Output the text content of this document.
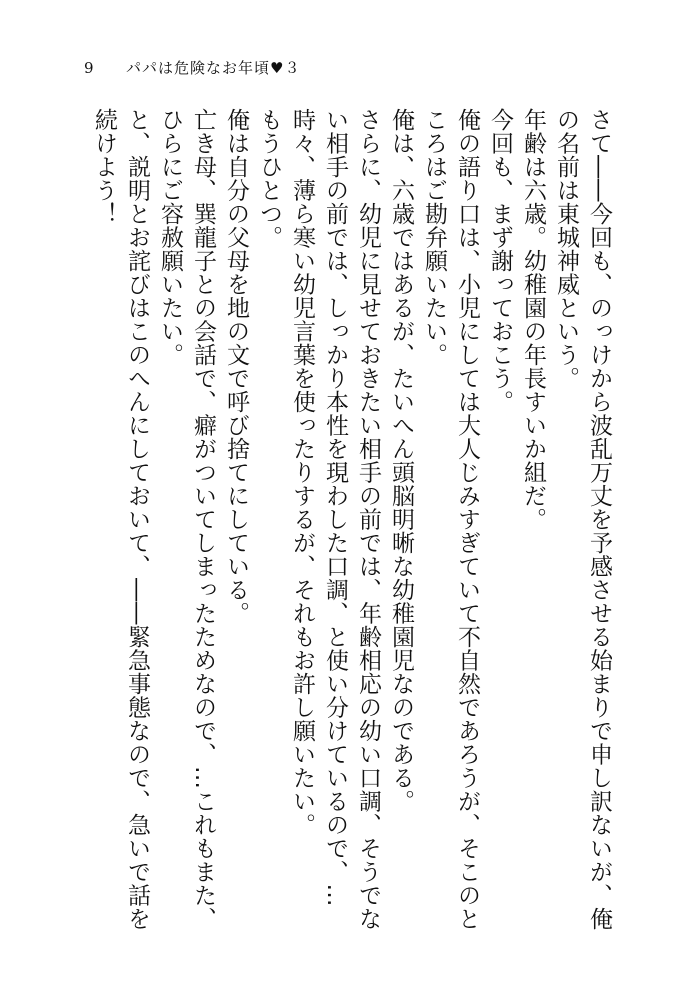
9 パパは危険なお年頃♥３

さて――今回も、のっけから波乱万丈を予感させる始まりで申し訳ないが、俺の名前は東城神威という。

年齢は六歳。幼稚園の年長すいか組だ。

今回も、まず謝っておこう。

俺の語り口は、小児にしては大人じみすぎていて不自然であろうが、そこのところはご勘弁願いたい。

俺は、六歳ではあるが、たいへん頭脳明晰な幼稚園児なのである。

さらに、幼児に見せておきたい相手の前では、年齢相応の幼い口調、そうでない相手の前では、しっかり本性を現わした口調、と使い分けているので、…時々、薄ら寒い幼児言葉を使ったりするが、それもお許し願いたい。

もうひとつ。

俺は自分の父母を地の文で呼び捨てにしている。

亡き母、巽龍子との会話で、癖がついてしまったためなので、…これもまた、ひらにご容赦願いたい。

と、説明とお詫びはこのへんにしておいて、――緊急事態なので、急いで話を続けよう！
